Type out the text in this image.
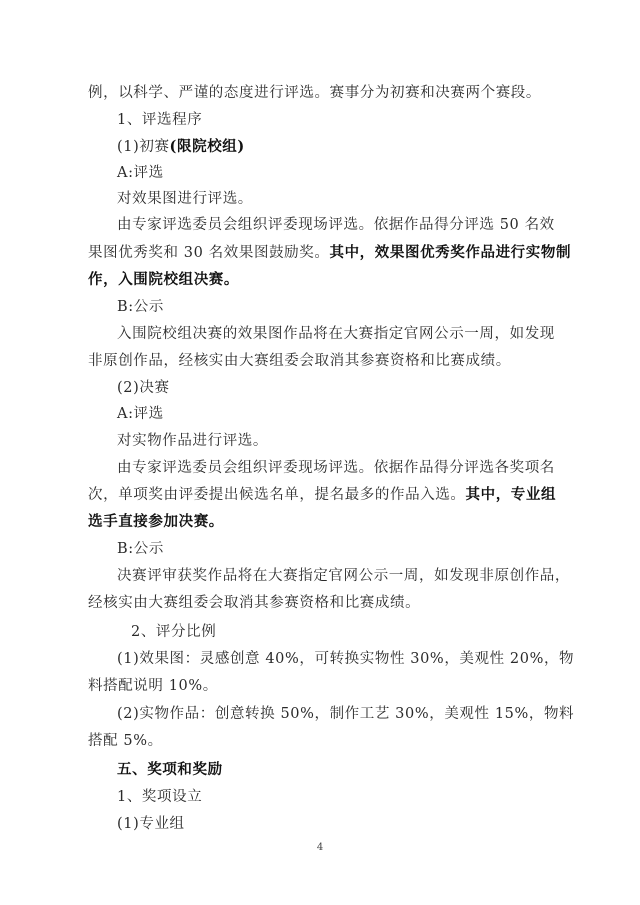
例，以科学、严谨的态度进行评选。赛事分为初赛和决赛两个赛段。
1、评选程序
(1)初赛(限院校组)
A:评选
对效果图进行评选。
由专家评选委员会组织评委现场评选。依据作品得分评选 50 名效
果图优秀奖和 30 名效果图鼓励奖。其中，效果图优秀奖作品进行实物制
作，入围院校组决赛。
B:公示
入围院校组决赛的效果图作品将在大赛指定官网公示一周，如发现
非原创作品，经核实由大赛组委会取消其参赛资格和比赛成绩。
(2)决赛
A:评选
对实物作品进行评选。
由专家评选委员会组织评委现场评选。依据作品得分评选各奖项名
次，单项奖由评委提出候选名单，提名最多的作品入选。其中，专业组
选手直接参加决赛。
B:公示
决赛评审获奖作品将在大赛指定官网公示一周，如发现非原创作品，
经核实由大赛组委会取消其参赛资格和比赛成绩。
2、评分比例
(1)效果图：灵感创意 40%，可转换实物性 30%，美观性 20%，物
料搭配说明 10%。
(2)实物作品：创意转换 50%，制作工艺 30%，美观性 15%，物料
搭配 5%。
五、奖项和奖励
1、奖项设立
(1)专业组
4
